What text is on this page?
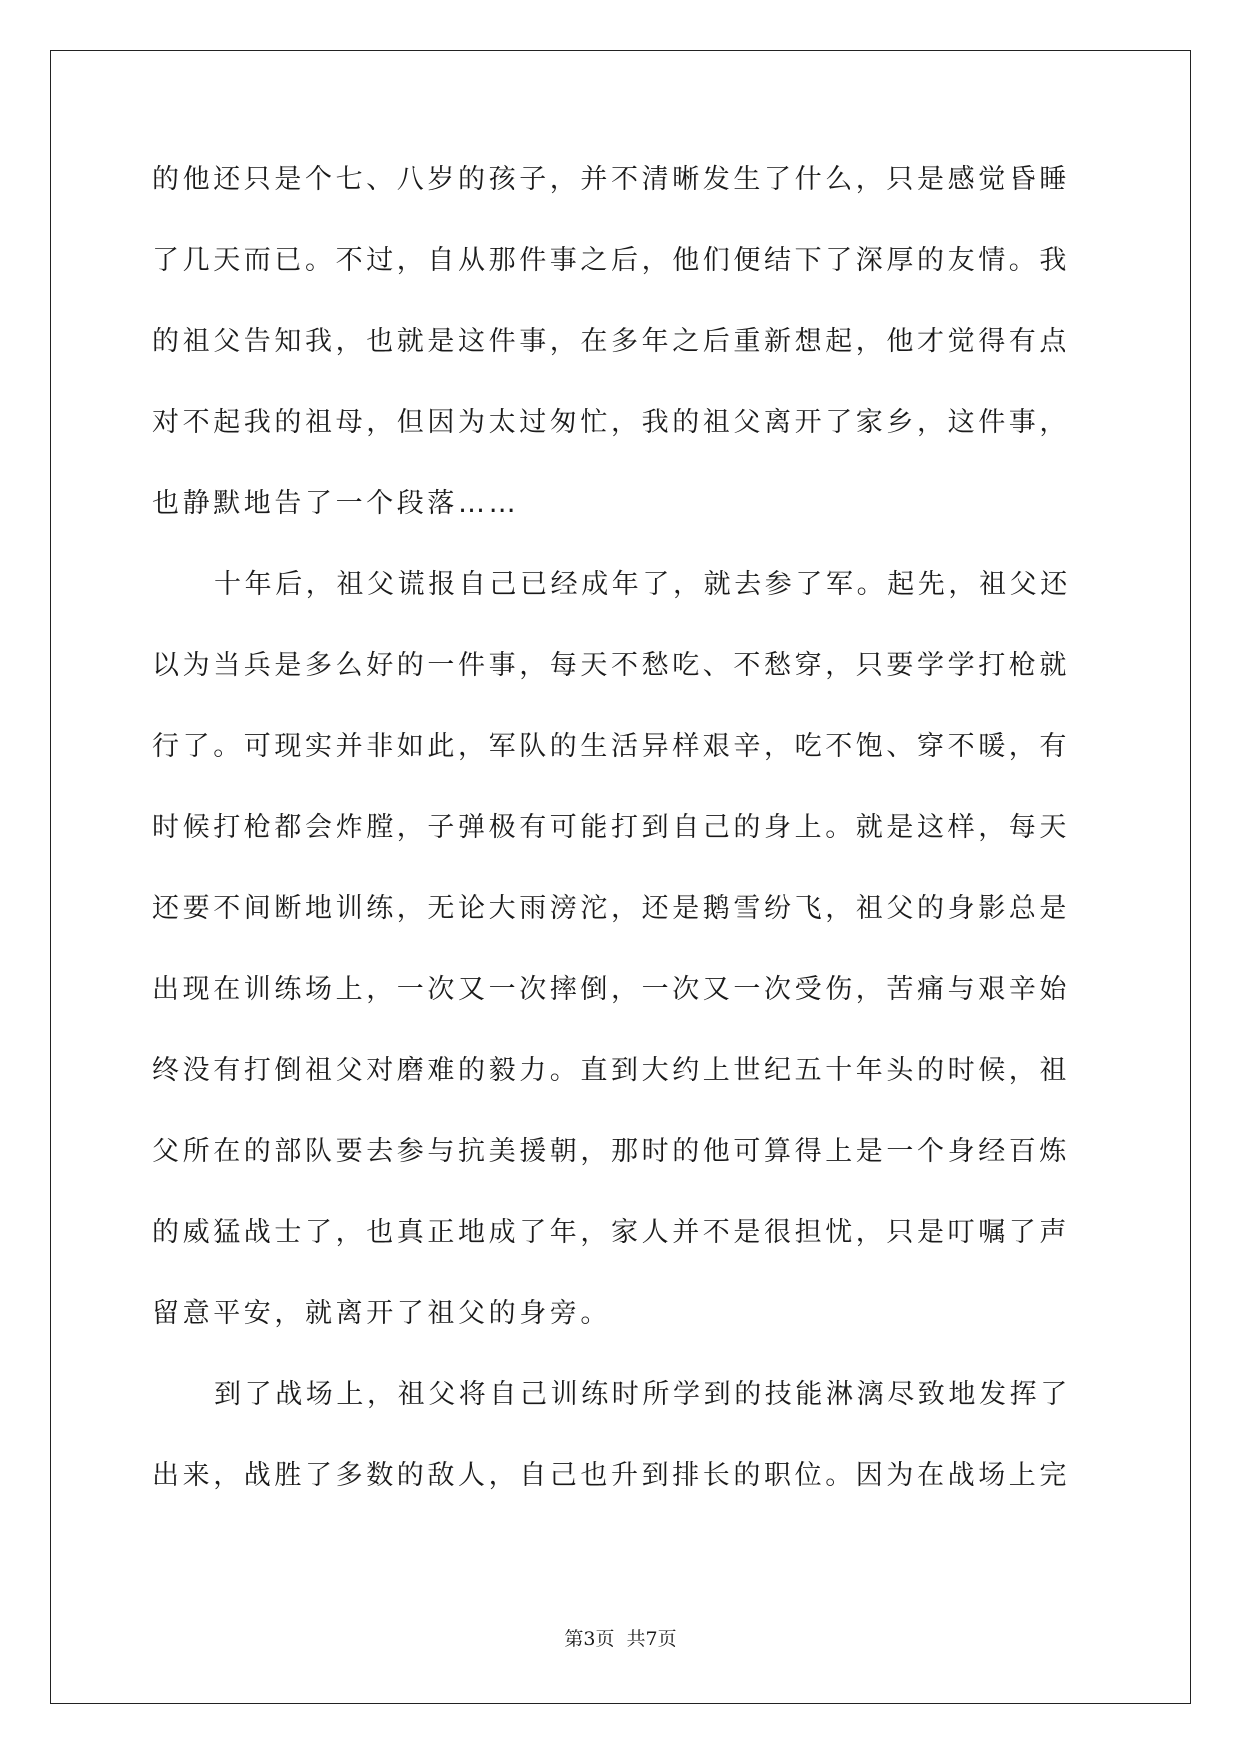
的他还只是个七、八岁的孩子，并不清晰发生了什么，只是感觉昏睡
了几天而已。不过，自从那件事之后，他们便结下了深厚的友情。我
的祖父告知我，也就是这件事，在多年之后重新想起，他才觉得有点
对不起我的祖母，但因为太过匆忙，我的祖父离开了家乡，这件事，
也静默地告了一个段落……
十年后，祖父谎报自己已经成年了，就去参了军。起先，祖父还
以为当兵是多么好的一件事，每天不愁吃、不愁穿，只要学学打枪就
行了。可现实并非如此，军队的生活异样艰辛，吃不饱、穿不暖，有
时候打枪都会炸膛，子弹极有可能打到自己的身上。就是这样，每天
还要不间断地训练，无论大雨滂沱，还是鹅雪纷飞，祖父的身影总是
出现在训练场上，一次又一次摔倒，一次又一次受伤，苦痛与艰辛始
终没有打倒祖父对磨难的毅力。直到大约上世纪五十年头的时候，祖
父所在的部队要去参与抗美援朝，那时的他可算得上是一个身经百炼
的威猛战士了，也真正地成了年，家人并不是很担忧，只是叮嘱了声
留意平安，就离开了祖父的身旁。
到了战场上，祖父将自己训练时所学到的技能淋漓尽致地发挥了
出来，战胜了多数的敌人，自己也升到排长的职位。因为在战场上完
第3页 共7页
